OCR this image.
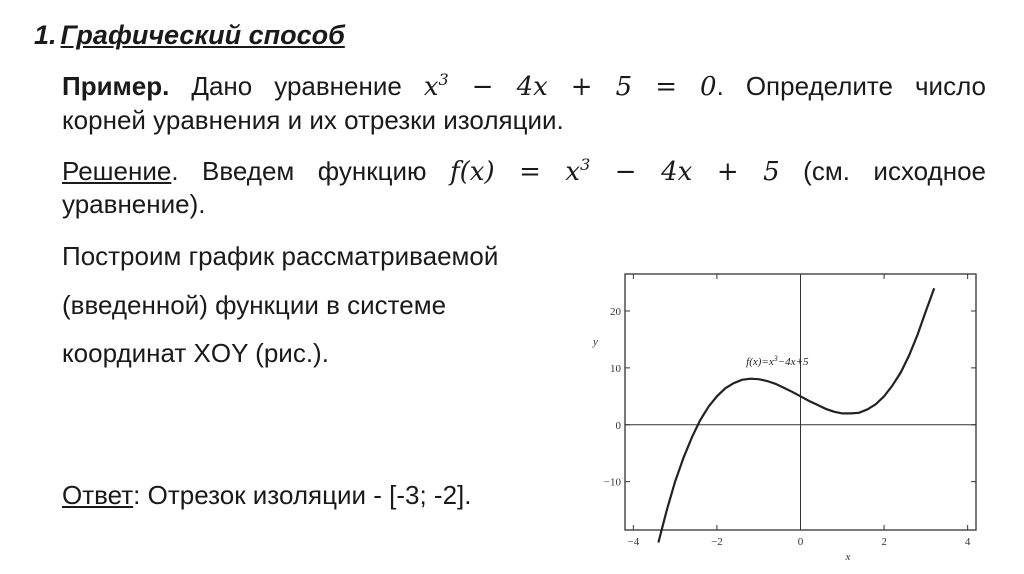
1. Графический способ
Пример. Дано уравнение $x^3 - 4x + 5 = 0$. Определите число
корней уравнения и их отрезки изоляции.
Решение. Введем функцию $f(x) = x^3 - 4x + 5$ (см. исходное
уравнение).
Построим график рассматриваемой
(введенной) функции в системе
координат XOY (рис.).
Ответ: Отрезок изоляции - [-3; -2].
−4	−2	0	2	4
−10
0
10
20
x
y
$f(x)=x^3-4x+5$
